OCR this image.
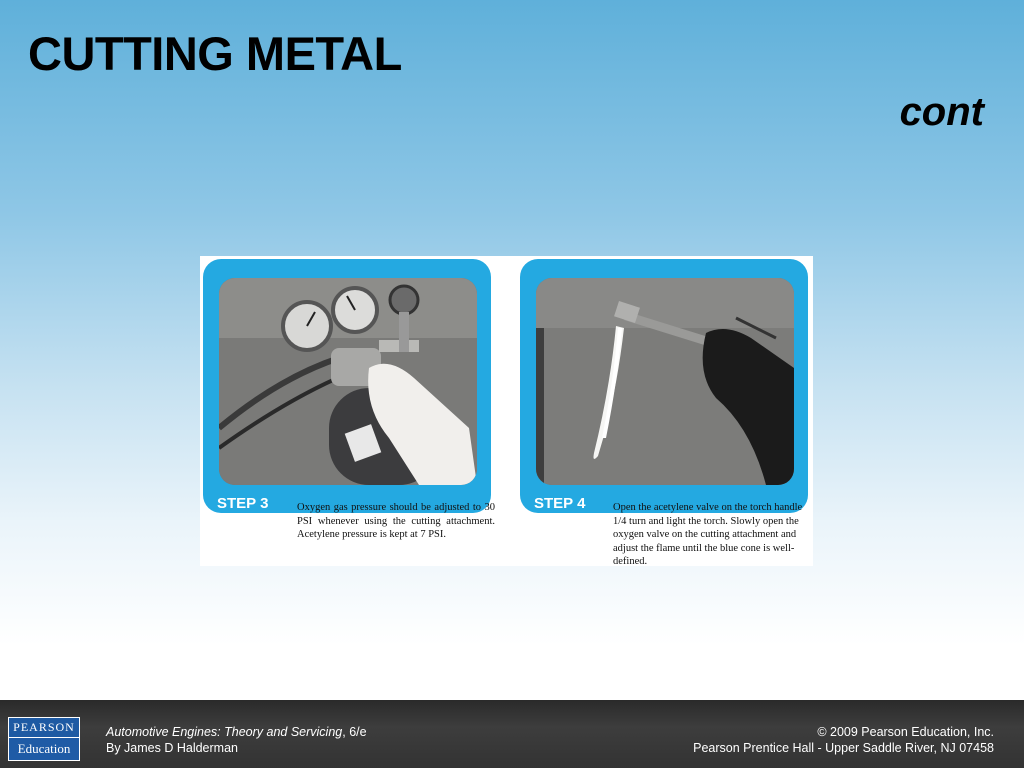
CUTTING METAL
cont
STEP 3	Oxygen gas pressure should be adjusted to 30 PSI whenever using the cutting attachment. Acetylene pressure is kept at 7 PSI.
STEP 4	Open the acetylene valve on the torch handle 1/4 turn and light the torch. Slowly open the oxygen valve on the cutting attachment and adjust the flame until the blue cone is well-defined.
PEARSON
Education
Automotive Engines: Theory and Servicing, 6/e
By James D Halderman
© 2009 Pearson Education, Inc.
Pearson Prentice Hall - Upper Saddle River, NJ 07458
